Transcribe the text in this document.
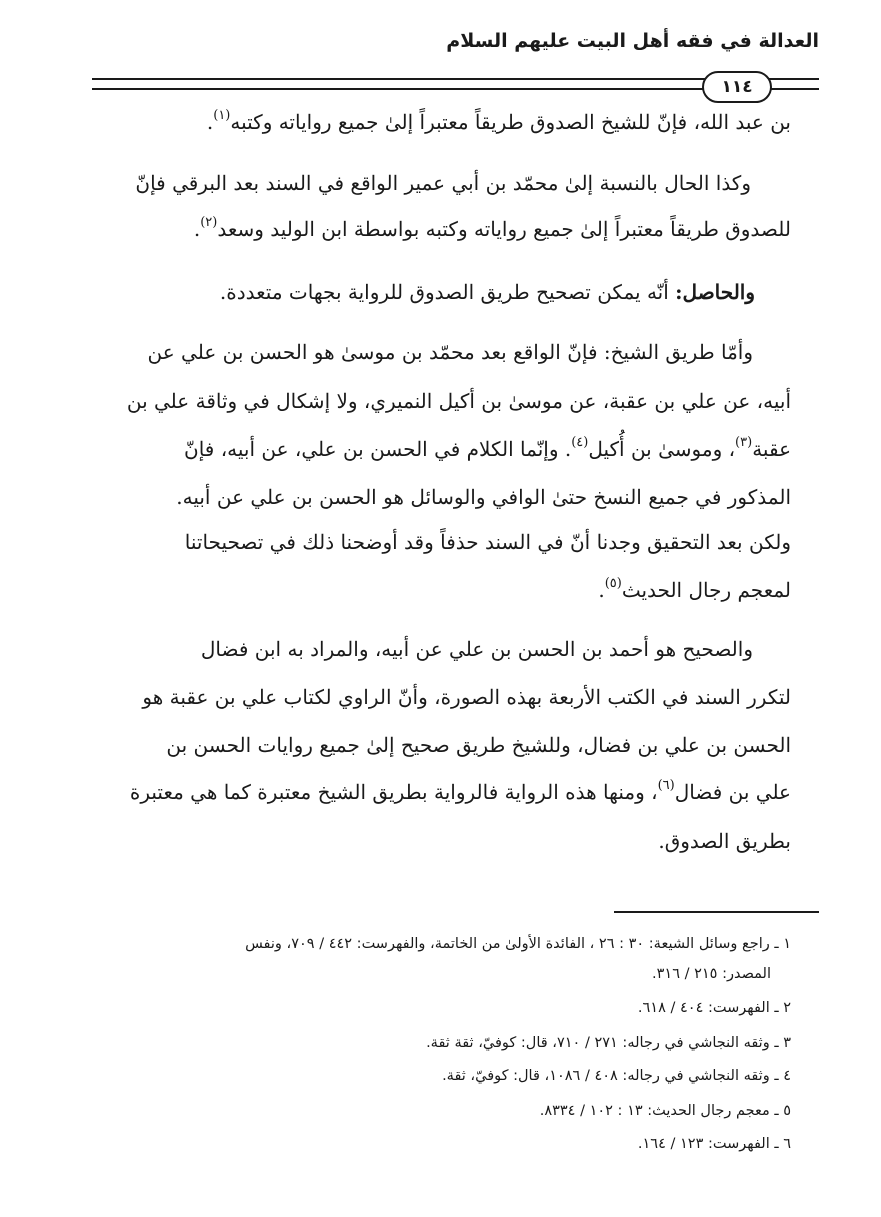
العدالة في فقه أهل البيت عليهم السلام
١١٤

بن عبد الله، فإنّ للشيخ الصدوق طريقاً معتبراً إلىٰ جميع رواياته وكتبه$^{(١)}$.

وكذا الحال بالنسبة إلىٰ محمّد بن أبي عمير الواقع في السند بعد البرقي فإنّ

للصدوق طريقاً معتبراً إلىٰ جميع رواياته وكتبه بواسطة ابن الوليد وسعد$^{(٢)}$.

والحاصل: أنّه يمكن تصحيح طريق الصدوق للرواية بجهات متعددة.

وأمّا طريق الشيخ: فإنّ الواقع بعد محمّد بن موسىٰ هو الحسن بن علي عن

أبيه، عن علي بن عقبة، عن موسىٰ بن أكيل النميري، ولا إشكال في وثاقة علي بن

عقبة$^{(٣)}$، وموسىٰ بن أُكيل$^{(٤)}$. وإنّما الكلام في الحسن بن علي، عن أبيه، فإنّ

المذكور في جميع النسخ حتىٰ الوافي والوسائل هو الحسن بن علي عن أبيه.

ولكن بعد التحقيق وجدنا أنّ في السند حذفاً وقد أوضحنا ذلك في تصحيحاتنا

لمعجم رجال الحديث$^{(٥)}$.

والصحيح هو أحمد بن الحسن بن علي عن أبيه، والمراد به ابن فضال

لتكرر السند في الكتب الأربعة بهذه الصورة، وأنّ الراوي لكتاب علي بن عقبة هو

الحسن بن علي بن فضال، وللشيخ طريق صحيح إلىٰ جميع روايات الحسن بن

علي بن فضال$^{(٦)}$، ومنها هذه الرواية فالرواية بطريق الشيخ معتبرة كما هي معتبرة

بطريق الصدوق.

١ ـ راجع وسائل الشيعة: ٣٠ : ٢٦ ، الفائدة الأولىٰ من الخاتمة، والفهرست: ٤٤٢ / ٧٠٩، ونفس

المصدر: ٢١٥ / ٣١٦.

٢ ـ الفهرست: ٤٠٤ / ٦١٨.

٣ ـ وثقه النجاشي في رجاله: ٢٧١ / ٧١٠، قال: كوفيّ، ثقة ثقة.

٤ ـ وثقه النجاشي في رجاله: ٤٠٨ / ١٠٨٦، قال: كوفيّ، ثقة.

٥ ـ معجم رجال الحديث: ١٣ : ١٠٢ / ٨٣٣٤.

٦ ـ الفهرست: ١٢٣ / ١٦٤.
